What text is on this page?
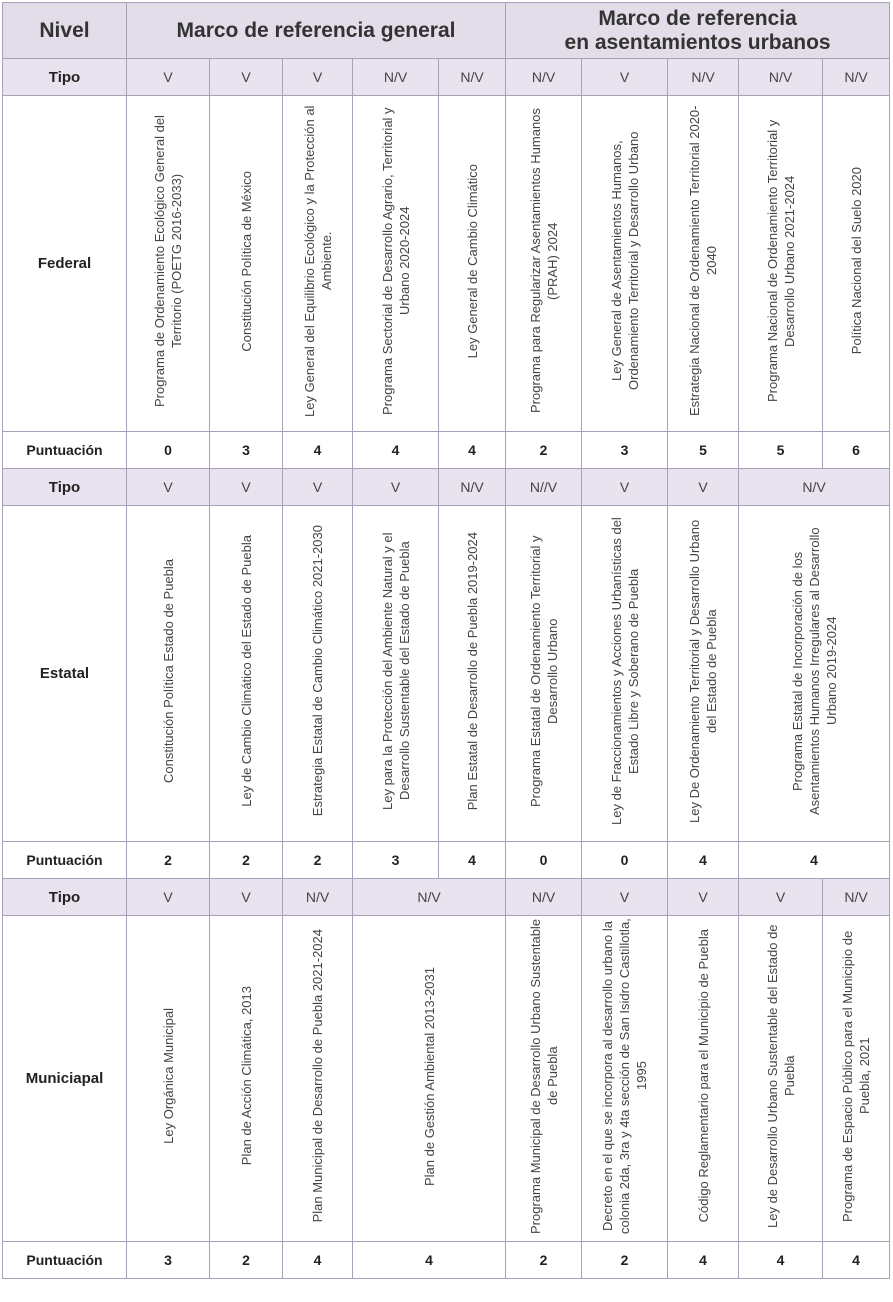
Nivel	Marco de referencia general					Marco de referencia
en asentamientos urbanos				

Tipo	V	V	V	N/V	N/V	N/V	V	N/V	N/V	N/V
Federal	Programa de Ordenamiento Ecológico General del Territorio (POETG 2016-2033)	Constitución Política de México	Ley General del Equilibrio Ecológico y la Protección al Ambiente.	Programa Sectorial de Desarrollo Agrario, Territorial y Urbano 2020-2024	Ley General de Cambio Climático	Programa para Regularizar Asentamientos Humanos (PRAH) 2024	Ley General de Asentamientos Humanos, Ordenamiento Territorial y Desarrollo Urbano	Estrategia Nacional de Ordenamiento Territorial 2020-2040	Programa Nacional de Ordenamiento Territorial y Desarrollo Urbano 2021-2024	Política Nacional del Suelo 2020
Puntuación	0	3	4	4	4	2	3	5	5	6
Tipo	V	V	V	V	N/V	N//V	V	V	N/V	
Estatal	Constitución Política Estado de Puebla	Ley de Cambio Climático del Estado de Puebla	Estrategia Estatal de Cambio Climático 2021-2030	Ley para la Protección del Ambiente Natural y el Desarrollo Sustentable del Estado de Puebla	Plan Estatal de Desarrollo de Puebla 2019-2024	Programa Estatal de Ordenamiento Territorial y Desarrollo Urbano	Ley de Fraccionamientos y Acciones Urbanísticas del Estado Libre y Soberano de Puebla	Ley De Ordenamiento Territorial y Desarrollo Urbano del Estado de Puebla	Programa Estatal de Incorporación de los Asentamientos Humanos Irregulares al Desarrollo Urbano 2019-2024	
Puntuación	2	2	2	3	4	0	0	4	4	
Tipo	V	V	N/V	N/V		N/V	V	V	V	N/V
Municiapal	Ley Orgánica Municipal	Plan de Acción Climática, 2013	Plan Municipal de Desarrollo de Puebla 2021-2024	Plan de Gestión Ambiental 2013-2031		Programa Municipal de Desarrollo Urbano Sustentable de Puebla	Decreto en el que se incorpora al desarrollo urbano la colonia 2da, 3ra y 4ta sección de San Isidro Castillotla, 1995	Código Reglamentario para el Municipio de Puebla	Ley de Desarrollo Urbano Sustentable del Estado de Puebla	Programa de Espacio Público para el Municipio de Puebla, 2021
Puntuación	3	2	4	4		2	2	4	4	4
